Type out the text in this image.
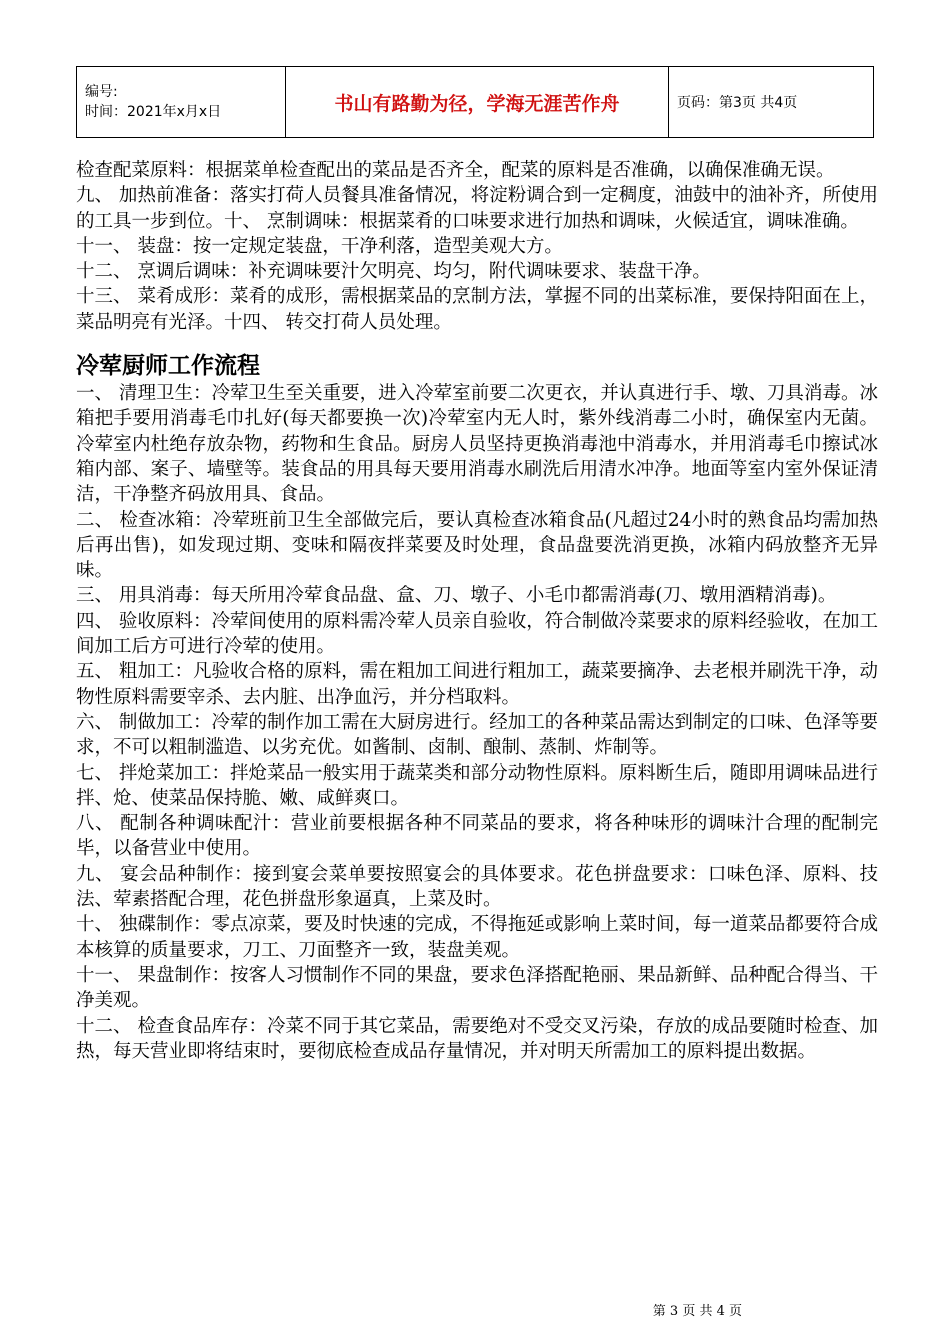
编号:
时间：2021年x月x日	书山有路勤为径，学海无涯苦作舟	页码：第3页 共4页

检查配菜原料：根据菜单检查配出的菜品是否齐全，配菜的原料是否准确，以确保准确无误。

九、 加热前准备：落实打荷人员餐具准备情况，将淀粉调合到一定稠度，油鼓中的油补齐，所使用的工具一步到位。十、 烹制调味：根据菜肴的口味要求进行加热和调味，火候适宜，调味准确。

十一、 装盘：按一定规定装盘，干净利落，造型美观大方。

十二、 烹调后调味：补充调味要汁欠明亮、均匀，附代调味要求、装盘干净。

十三、 菜肴成形：菜肴的成形，需根据菜品的烹制方法，掌握不同的出菜标准，要保持阳面在上，菜品明亮有光泽。十四、 转交打荷人员处理。

冷荤厨师工作流程

一、 清理卫生：冷荤卫生至关重要，进入冷荤室前要二次更衣，并认真进行手、墩、刀具消毒。冰箱把手要用消毒毛巾扎好(每天都要换一次)冷荤室内无人时，紫外线消毒二小时，确保室内无菌。冷荤室内杜绝存放杂物，药物和生食品。厨房人员坚持更换消毒池中消毒水，并用消毒毛巾擦试冰箱内部、案子、墙壁等。装食品的用具每天要用消毒水刷洗后用清水冲净。地面等室内室外保证清洁，干净整齐码放用具、食品。

二、 检查冰箱：冷荤班前卫生全部做完后，要认真检查冰箱食品(凡超过24小时的熟食品均需加热后再出售)，如发现过期、变味和隔夜拌菜要及时处理，食品盘要洗消更换，冰箱内码放整齐无异味。

三、 用具消毒：每天所用冷荤食品盘、盒、刀、墩子、小毛巾都需消毒(刀、墩用酒精消毒)。

四、 验收原料：冷荤间使用的原料需冷荤人员亲自验收，符合制做冷菜要求的原料经验收，在加工间加工后方可进行冷荤的使用。

五、 粗加工：凡验收合格的原料，需在粗加工间进行粗加工，蔬菜要摘净、去老根并刷洗干净，动物性原料需要宰杀、去内脏、出净血污，并分档取料。

六、 制做加工：冷荤的制作加工需在大厨房进行。经加工的各种菜品需达到制定的口味、色泽等要求，不可以粗制滥造、以劣充优。如酱制、卤制、酿制、蒸制、炸制等。

七、 拌炝菜加工：拌炝菜品一般实用于蔬菜类和部分动物性原料。原料断生后，随即用调味品进行拌、炝、使菜品保持脆、嫩、咸鲜爽口。

八、 配制各种调味配汁：营业前要根据各种不同菜品的要求，将各种味形的调味汁合理的配制完毕，以备营业中使用。

九、 宴会品种制作：接到宴会菜单要按照宴会的具体要求。花色拼盘要求：口味色泽、原料、技法、荤素搭配合理，花色拼盘形象逼真，上菜及时。

十、 独碟制作：零点凉菜，要及时快速的完成，不得拖延或影响上菜时间，每一道菜品都要符合成本核算的质量要求，刀工、刀面整齐一致，装盘美观。

十一、 果盘制作：按客人习惯制作不同的果盘，要求色泽搭配艳丽、果品新鲜、品种配合得当、干净美观。

十二、 检查食品库存：冷菜不同于其它菜品，需要绝对不受交叉污染，存放的成品要随时检查、加热，每天营业即将结束时，要彻底检查成品存量情况，并对明天所需加工的原料提出数据。

第 3 页 共 4 页
